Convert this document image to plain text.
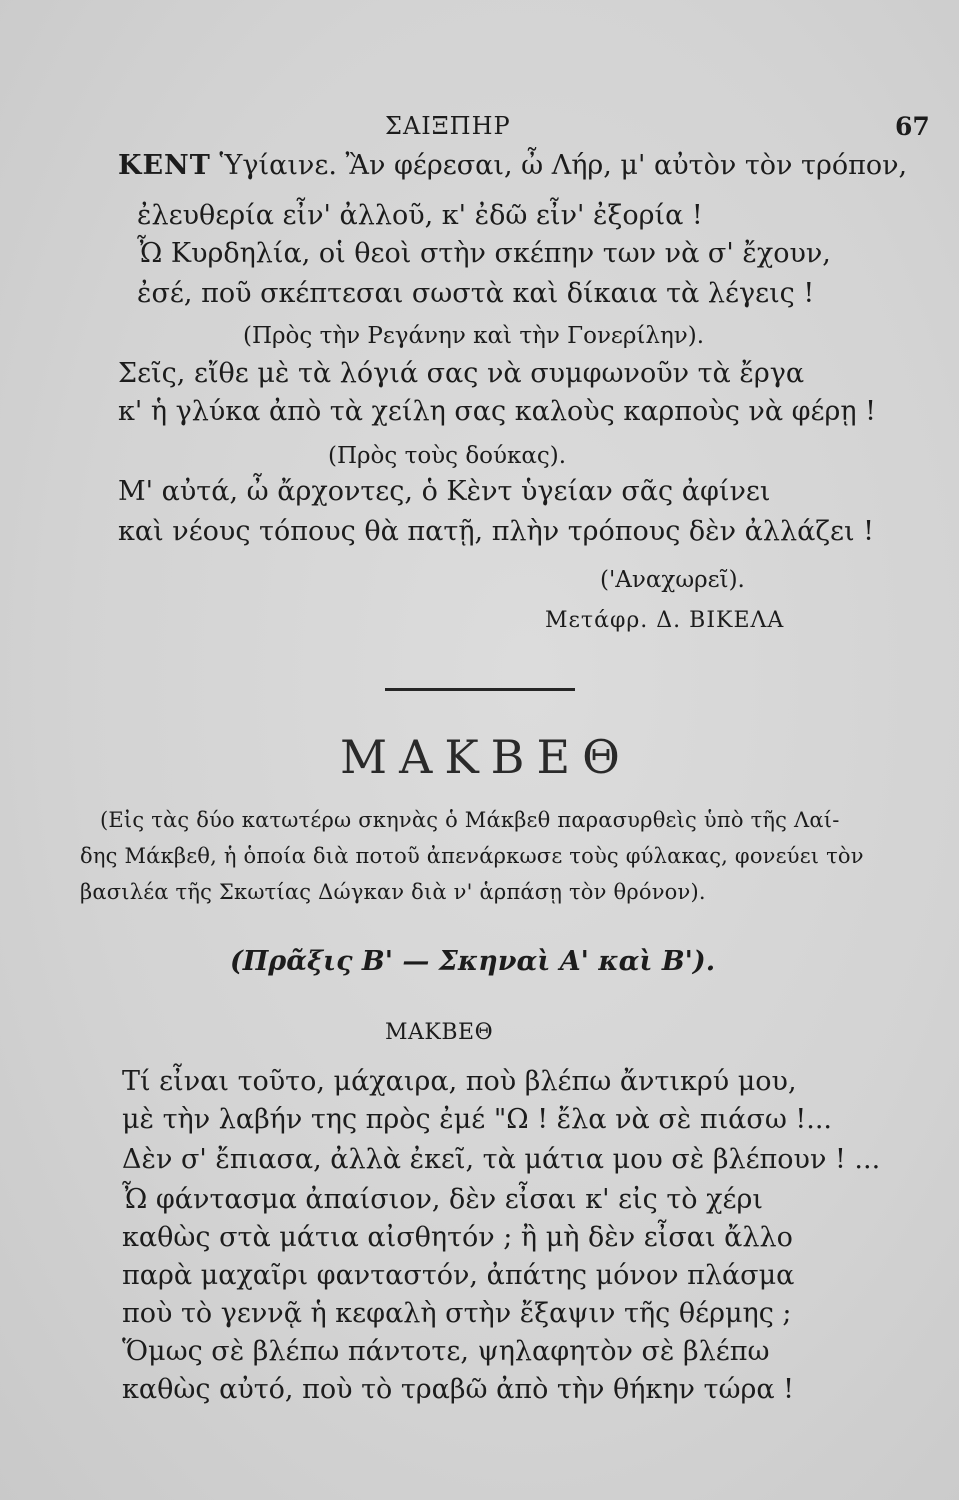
ΣΑΙΞΠΗΡ	67
ΚΕΝΤ Ὑγίαινε. Ἂν φέρεσαι, ὦ Λήρ, μ' αὐτὸν τὸν τρόπον,
ἐλευθερία εἶν' ἀλλοῦ, κ' ἐδῶ εἶν' ἐξορία !
Ὦ Κυρδηλία, οἱ θεοὶ στὴν σκέπην των νὰ σ' ἔχουν,
ἐσέ, ποῦ σκέπτεσαι σωστὰ καὶ δίκαια τὰ λέγεις !
(Πρὸς τὴν Ρεγάνην καὶ τὴν Γονερίλην).
Σεῖς, εἴθε μὲ τὰ λόγιά σας νὰ συμφωνοῦν τὰ ἔργα
κ' ἡ γλύκα ἀπὸ τὰ χείλη σας καλοὺς καρποὺς νὰ φέρῃ !
(Πρὸς τοὺς δούκας).
Μ' αὐτά, ὦ ἄρχοντες, ὁ Κὲντ ὑγείαν σᾶς ἀφίνει
καὶ νέους τόπους θὰ πατῇ, πλὴν τρόπους δὲν ἀλλάζει !
('Αναχωρεῖ).
Μετάφρ. Δ. ΒΙΚΕΛΑ
ΜΑΚΒΕΘ
(Εἰς τὰς δύο κατωτέρω σκηνὰς ὁ Μάκβεθ παρασυρθεὶς ὑπὸ τῆς Λαί-
δης Μάκβεθ, ἡ ὁποία διὰ ποτοῦ ἀπενάρκωσε τοὺς φύλακας, φονεύει τὸν
βασιλέα τῆς Σκωτίας Δώγκαν διὰ ν' ἁρπάσῃ τὸν θρόνον).
(Πρᾶξις Β' — Σκηναὶ Α' καὶ Β').
ΜΑΚΒΕΘ
Τί εἶναι τοῦτο, μάχαιρα, ποὺ βλέπω ἄντικρύ μου,
μὲ τὴν λαβήν της πρὸς ἐμέ "Ω ! ἔλα νὰ σὲ πιάσω !...
Δὲν σ' ἔπιασα, ἀλλὰ ἐκεῖ, τὰ μάτια μου σὲ βλέπουν ! ...
Ὦ φάντασμα ἀπαίσιον, δὲν εἶσαι κ' εἰς τὸ χέρι
καθὼς στὰ μάτια αἰσθητόν ; ἢ μὴ δὲν εἶσαι ἄλλο
παρὰ μαχαῖρι φανταστόν, ἀπάτης μόνον πλάσμα
ποὺ τὸ γεννᾷ ἡ κεφαλὴ στὴν ἔξαψιν τῆς θέρμης ;
Ὅμως σὲ βλέπω πάντοτε, ψηλαφητὸν σὲ βλέπω
καθὼς αὐτό, ποὺ τὸ τραβῶ ἀπὸ τὴν θήκην τώρα !
